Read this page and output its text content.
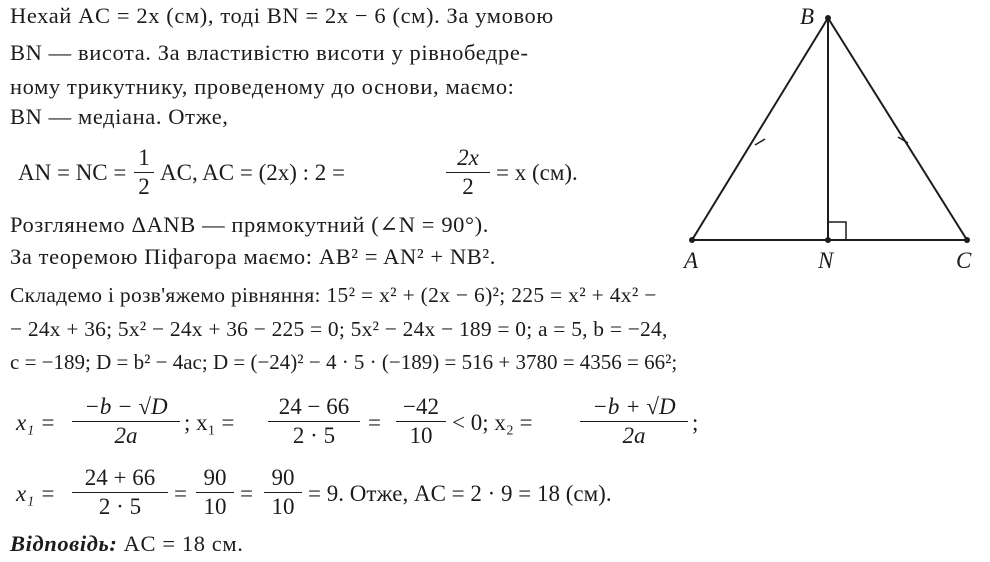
Нехай AC = 2x (см), тоді BN = 2x − 6 (см). За умовою
BN — висота. За властивістю висоти у рівнобедре-
ному трикутнику, проведеному до основи, маємо:
BN — медіана. Отже,
AN = NC =
1
2
AC, AC = (2x) : 2 =
2x
2
= x (см).
Розглянемо ΔANB — прямокутний (∠N = 90°).
За теоремою Піфагора маємо: AB² = AN² + NB².
Складемо і розв'яжемо рівняння: 15² = x² + (2x − 6)²; 225 = x² + 4x² −
− 24x + 36; 5x² − 24x + 36 − 225 = 0; 5x² − 24x − 189 = 0; a = 5, b = −24,
c = −189; D = b² − 4ac; D = (−24)² − 4 · 5 · (−189) = 516 + 3780 = 4356 = 66²;
x₁ =
−b − √D
2a
; x₁ =
24 − 66
2 · 5
=
−42
10
< 0; x₂ =
−b + √D
2a
;
x₁ =
24 + 66
2 · 5
=
90
10
=
90
10
= 9. Отже, AC = 2 · 9 = 18 (см).
Відповідь: AC = 18 см.
B
A	N	C
